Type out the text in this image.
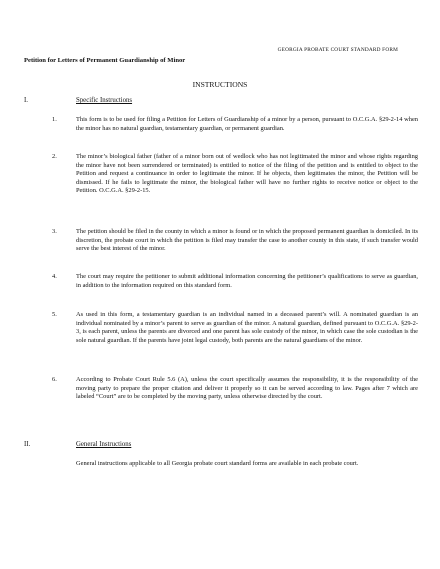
GEORGIA PROBATE COURT STANDARD FORM
Petition for Letters of Permanent Guardianship of Minor
INSTRUCTIONS
I.	Specific Instructions
1.	This form is to be used for filing a Petition for Letters of Guardianship of a minor by a person, pursuant to O.C.G.A. §29-2-14 when the minor has no natural guardian, testamentary guardian, or permanent guardian.
2.	The minor’s biological father (father of a minor born out of wedlock who has not legitimated the minor and whose rights regarding the minor have not been surrendered or terminated) is entitled to notice of the filing of the petition and is entitled to object to the Petition and request a continuance in order to legitimate the minor. If he objects, then legitimates the minor, the Petition will be dismissed. If he fails to legitimate the minor, the biological father will have no further rights to receive notice or object to the Petition. O.C.G.A. §29-2-15.
3.	The petition should be filed in the county in which a minor is found or in which the proposed permanent guardian is domiciled. In its discretion, the probate court in which the petition is filed may transfer the case to another county in this state, if such transfer would serve the best interest of the minor.
4.	The court may require the petitioner to submit additional information concerning the petitioner’s qualifications to serve as guardian, in addition to the information required on this standard form.
5.	As used in this form, a testamentary guardian is an individual named in a deceased parent’s will. A nominated guardian is an individual nominated by a minor’s parent to serve as guardian of the minor. A natural guardian, defined pursuant to O.C.G.A. §29-2-3, is each parent, unless the parents are divorced and one parent has sole custody of the minor, in which case the sole custodian is the sole natural guardian. If the parents have joint legal custody, both parents are the natural guardians of the minor.
6.	According to Probate Court Rule 5.6 (A), unless the court specifically assumes the responsibility, it is the responsibility of the moving party to prepare the proper citation and deliver it properly so it can be served according to law. Pages after 7 which are labeled “Court” are to be completed by the moving party, unless otherwise directed by the court.
II.	General Instructions
General instructions applicable to all Georgia probate court standard forms are available in each probate court.
